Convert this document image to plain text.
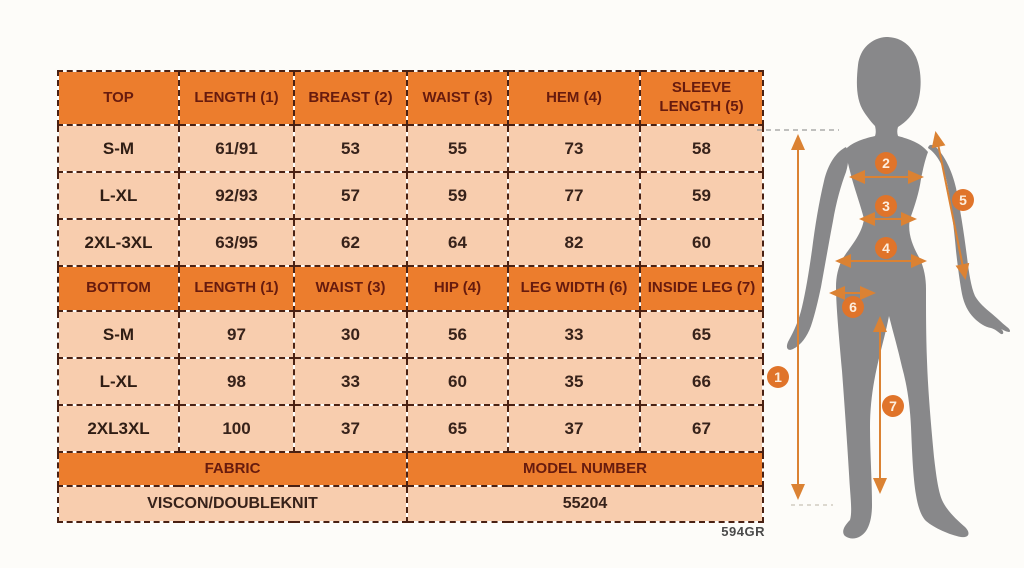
TOP	LENGTH (1)	BREAST (2)	WAIST (3)	HEM (4)	SLEEVE LENGTH (5)
S-M	61/91	53	55	73	58
L-XL	92/93	57	59	77	59
2XL-3XL	63/95	62	64	82	60
BOTTOM	LENGTH (1)	WAIST (3)	HIP (4)	LEG WIDTH (6)	INSIDE LEG (7)
S-M	97	30	56	33	65
L-XL	98	33	60	35	66
2XL3XL	100	37	65	37	67
FABRIC			MODEL NUMBER		
VISCON/DOUBLEKNIT			55204		
594GR
1
2
3
4
5
6
7
